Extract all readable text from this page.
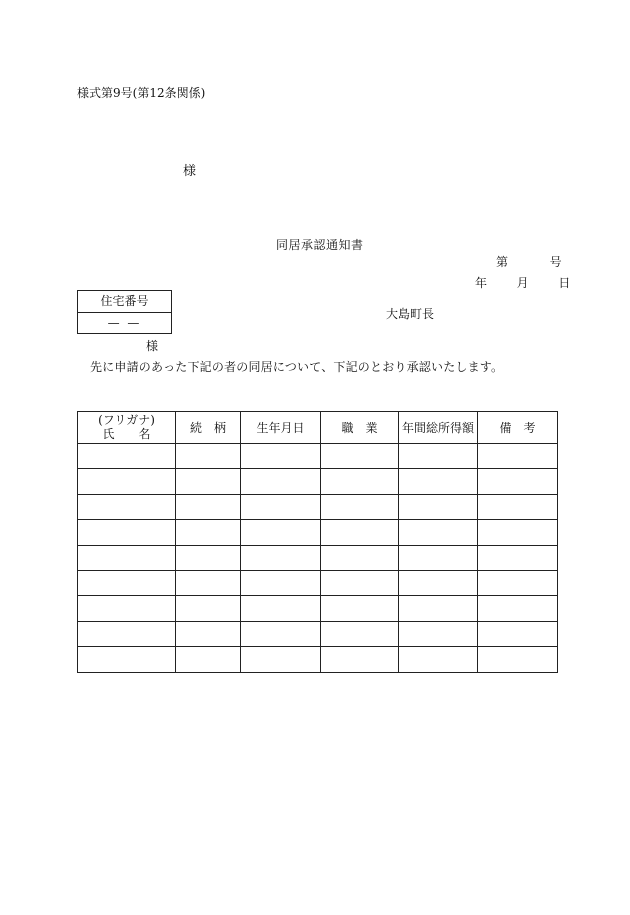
様式第9号(第12条関係)
様
同居承認通知書
第	号
年 月 日
住宅番号
— —
大島町長
様
先に申請のあった下記の者の同居について、下記のとおり承認いたします。
(フリガナ)
氏　　名	続　柄	生年月日	職　業	年間総所得額	備　考
